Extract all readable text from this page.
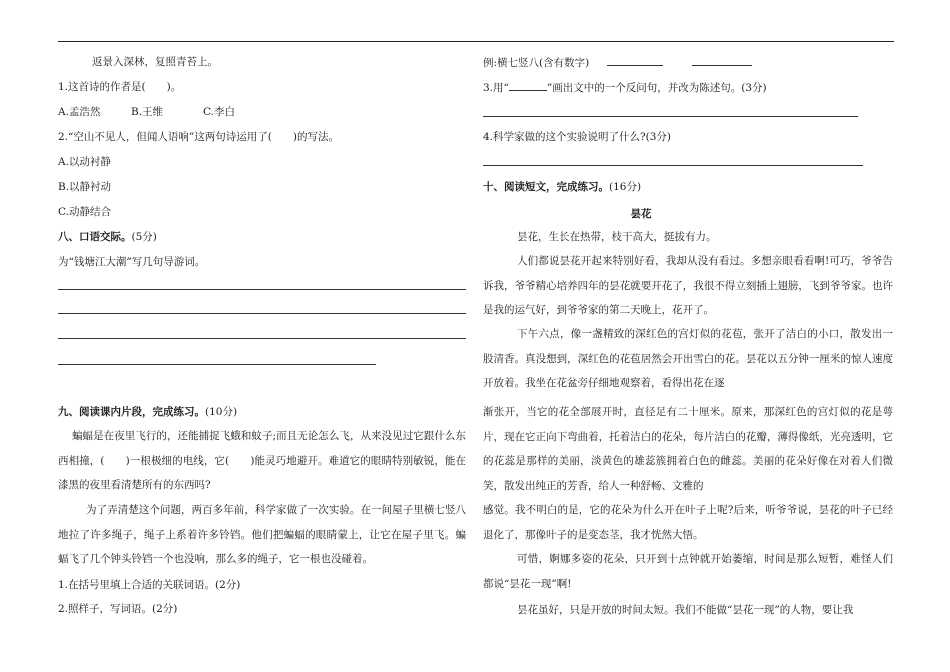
返景入深林，复照青苔上。
1.这首诗的作者是(　　)。
A.孟浩然	B.王维	C.李白
2.“空山不见人，但闻人语响”这两句诗运用了(　　)的写法。
A.以动衬静
B.以静衬动
C.动静结合
八、口语交际。(5分)
为“钱塘江大潮”写几句导游词。
九、阅读课内片段，完成练习。(10分)
蝙蝠是在夜里飞行的，还能捕捉飞蛾和蚊子;而且无论怎么飞，从来没见过它跟什么东西相撞，(　　)一根极细的电线，它(　　)能灵巧地避开。难道它的眼睛特别敏锐，能在漆黑的夜里看清楚所有的东西吗?
为了弄清楚这个问题，两百多年前，科学家做了一次实验。在一间屋子里横七竖八地拉了许多绳子，绳子上系着许多铃铛。他们把蝙蝠的眼睛蒙上，让它在屋子里飞。蝙蝠飞了几个钟头铃铛一个也没响，那么多的绳子，它一根也没碰着。
1.在括号里填上合适的关联词语。(2分)
2.照样子，写词语。(2分)
例:横七竖八(含有数字)
3.用“	”画出文中的一个反问句，并改为陈述句。(3分)
4.科学家做的这个实验说明了什么?(3分)
十、阅读短文，完成练习。(16分)
昙花
昙花，生长在热带，枝干高大，挺拔有力。
人们都说昙花开起来特别好看，我却从没有看过。多想亲眼看看啊!可巧，爷爷告诉我，爷爷精心培养四年的昙花就要开花了，我很不得立刻插上翅膀，飞到爷爷家。也许是我的运气好，到爷爷家的第二天晚上，花开了。
下午六点，像一盏精致的深红色的宫灯似的花苞，张开了洁白的小口，散发出一股清香。真没想到，深红色的花苞居然会开出雪白的花。昙花以五分钟一厘米的惊人速度开放着。我坐在花盆旁仔细地观察着，看得出花在逐
渐张开，当它的花全部展开时，直径足有二十厘米。原来，那深红色的宫灯似的花是萼片，现在它正向下弯曲着，托着洁白的花朵，每片洁白的花瓣，薄得像纸，光亮透明，它的花蕊是那样的美丽，淡黄色的雄蕊簇拥着白色的雌蕊。美丽的花朵好像在对着人们微笑，散发出纯正的芳香，给人一种舒畅、文雅的
感觉。我不明白的是，它的花朵为什么开在叶子上呢?后来，听爷爷说，昙花的叶子已经退化了，那像叶子的是变态茎，我才恍然大悟。
可惜，婀娜多姿的花朵，只开到十点钟就开始萎缩，时间是那么短暂，难怪人们都说“昙花一现”啊!
昙花虽好，只是开放的时间太短。我们不能做“昙花一现”的人物，要让我
